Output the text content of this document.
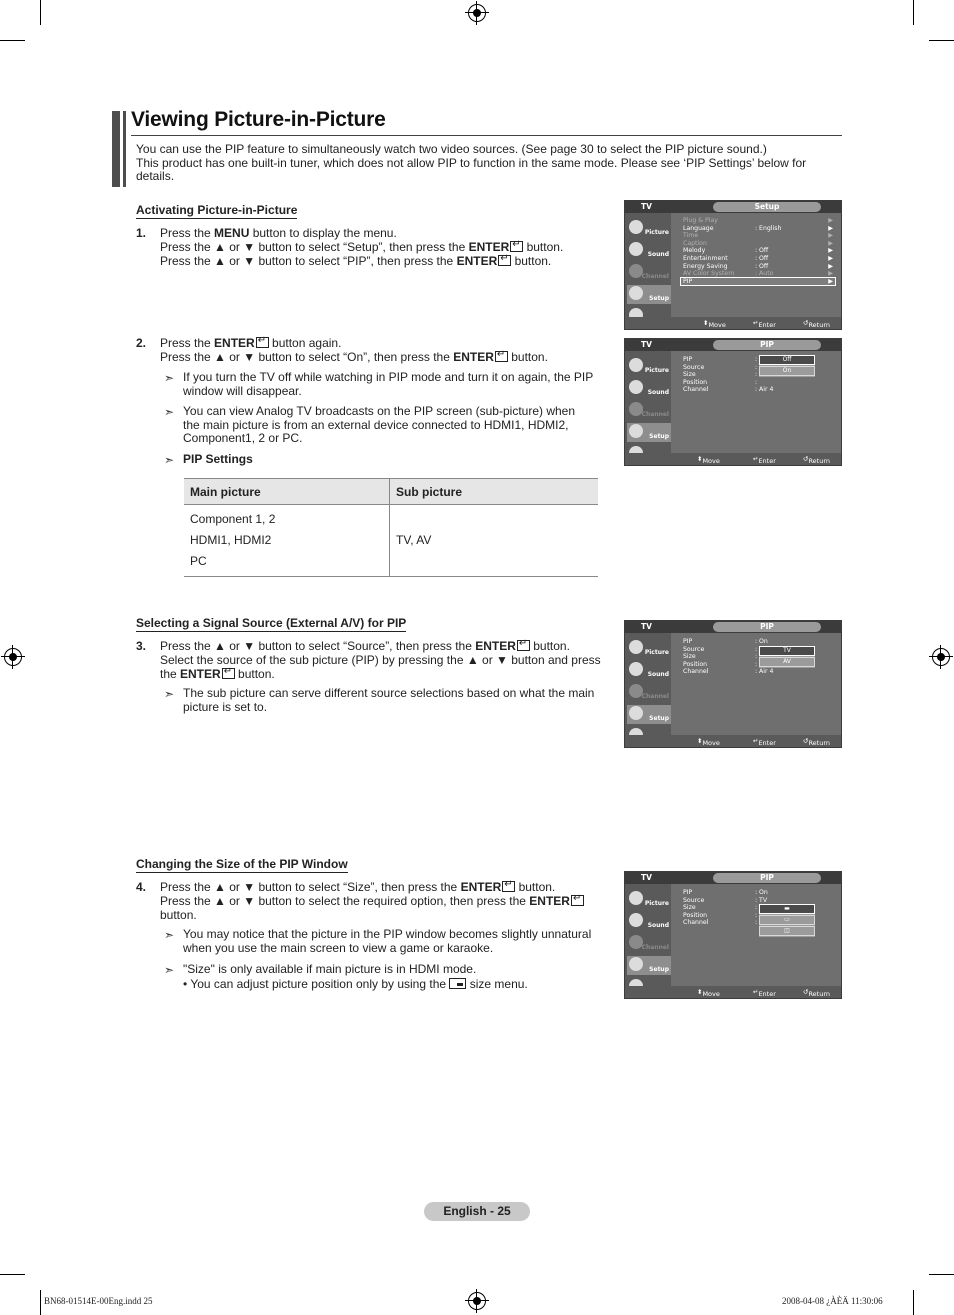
Viewing Picture-in-Picture
You can use the PIP feature to simultaneously watch two video sources. (See page 30 to select the PIP picture sound.)
This product has one built-in tuner, which does not allow PIP to function in the same mode. Please see ‘PIP Settings’ below for details.
Activating Picture-in-Picture
1. Press the MENU button to display the menu.
Press the ▲ or ▼ button to select “Setup”, then press the ENTER↵ button.
Press the ▲ or ▼ button to select “PIP”, then press the ENTER↵ button.
2. Press the ENTER↵ button again.
Press the ▲ or ▼ button to select “On”, then press the ENTER↵ button.
➣ If you turn the TV off while watching in PIP mode and turn it on again, the PIP window will disappear.
➣ You can view Analog TV broadcasts on the PIP screen (sub-picture) when the main picture is from an external device connected to HDMI1, HDMI2, Component1, 2 or PC.
➣ PIP Settings
Main picture	Sub picture

Component 1, 2
HDMI1, HDMI2
PC	TV, AV
Selecting a Signal Source (External A/V) for PIP
3. Press the ▲ or ▼ button to select “Source”, then press the ENTER↵ button.
Select the source of the sub picture (PIP) by pressing the ▲ or ▼ button and press
the ENTER↵ button.
➣ The sub picture can serve different source selections based on what the main picture is set to.
Changing the Size of the PIP Window
4. Press the ▲ or ▼ button to select “Size”, then press the ENTER↵ button.
Press the ▲ or ▼ button to select the required option, then press the ENTER↵
button.
➣ You may notice that the picture in the PIP window becomes slightly unnatural when you use the main screen to view a game or karaoke.
➣ "Size" is only available if main picture is in HDMI mode.
• You can adjust picture position only by using the
size menu.
TV	Setup
Picture
Sound
Channel
Setup
Plug & Play	▶
Language	: English	▶
Time	▶
Caption	▶
Melody	: Off	▶
Entertainment	: Off	▶
Energy Saving	: Off	▶
AV Color System	: Auto	▶
PIP	▶
⬍ Move	↵ Enter	↺ Return
TV	PIP
Picture
Sound
Channel
Setup
PIP	:
Source	:
Size	:
Position	:
Channel	: Air 4
Off
On
⬍ Move	↵ Enter	↺ Return
TV	PIP
Picture
Sound
Channel
Setup
PIP	: On
Source	:
Size	:
Position	:
Channel	: Air 4
TV
AV
⬍ Move	↵ Enter	↺ Return
TV	PIP
Picture
Sound
Channel
Setup
PIP	: On
Source	: TV
Size	:
Position	:
Channel	:
▬
▭
◫
⬍ Move	↵ Enter	↺ Return
English - 25
BN68-01514E-00Eng.indd 25	2008-04-08 ¿ÀÈÄ 11:30:06
